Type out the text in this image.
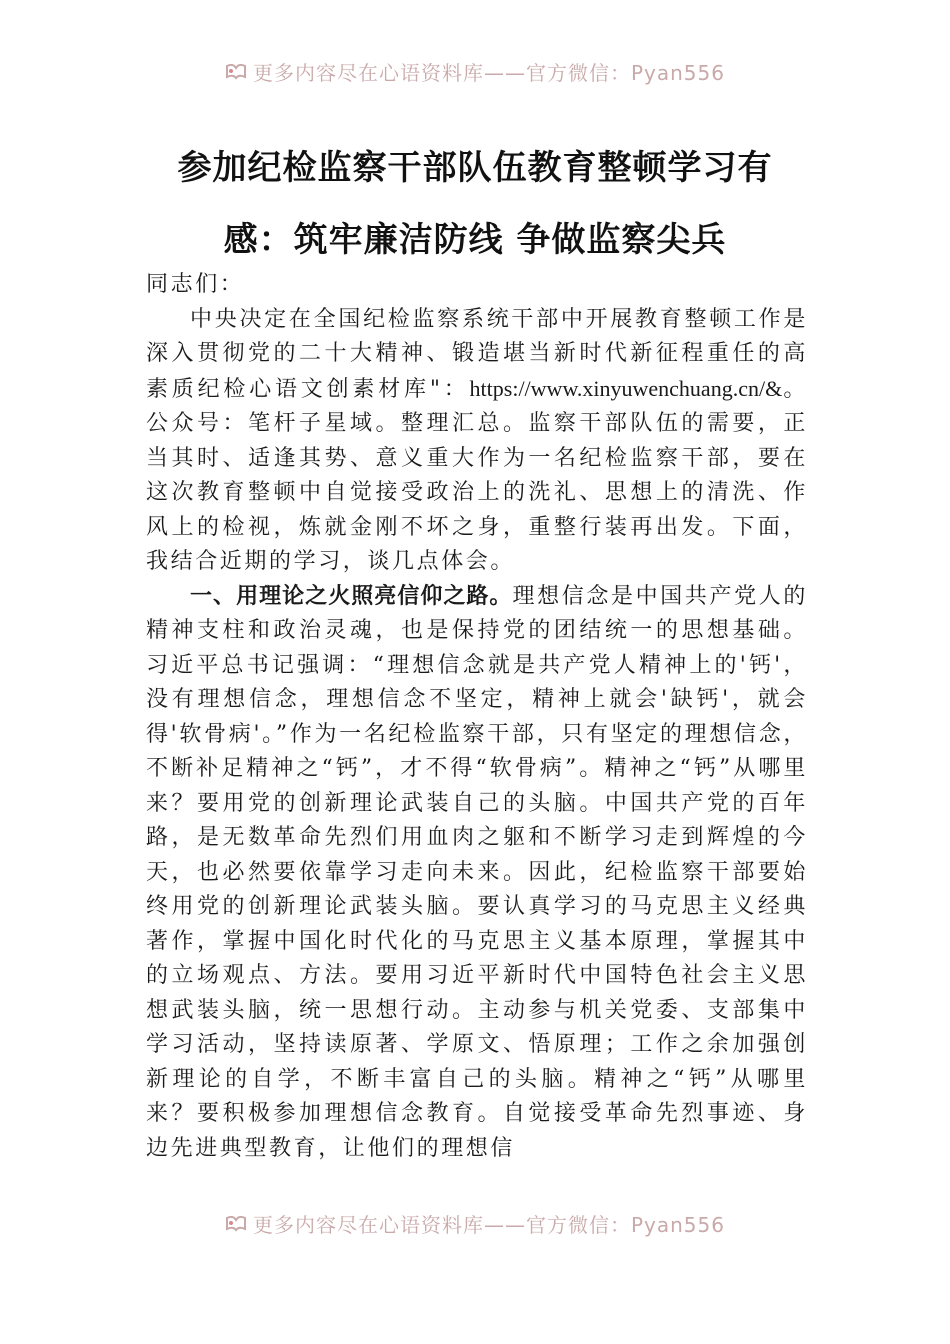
更多内容尽在心语资料库——官方微信：Pyan556
参加纪检监察干部队伍教育整顿学习有
感：筑牢廉洁防线 争做监察尖兵

同志们：

中央决定在全国纪检监察系统干部中开展教育整顿工作是深入贯彻党的二十大精神、锻造堪当新时代新征程重任的高素质纪检心语文创素材库"：https://www.xinyuwenchuang.cn/&。公众号：笔杆子星域。整理汇总。监察干部队伍的需要，正当其时、适逢其势、意义重大作为一名纪检监察干部，要在这次教育整顿中自觉接受政治上的洗礼、思想上的清洗、作风上的检视，炼就金刚不坏之身，重整行装再出发。下面，我结合近期的学习，谈几点体会。

一、用理论之火照亮信仰之路。理想信念是中国共产党人的精神支柱和政治灵魂，也是保持党的团结统一的思想基础。习近平总书记强调：“理想信念就是共产党人精神上的'钙'，没有理想信念，理想信念不坚定，精神上就会'缺钙'，就会得'软骨病'。”作为一名纪检监察干部，只有坚定的理想信念，不断补足精神之“钙”，才不得“软骨病”。精神之“钙”从哪里来？要用党的创新理论武装自己的头脑。中国共产党的百年路，是无数革命先烈们用血肉之躯和不断学习走到辉煌的今天，也必然要依靠学习走向未来。因此，纪检监察干部要始终用党的创新理论武装头脑。要认真学习的马克思主义经典著作，掌握中国化时代化的马克思主义基本原理，掌握其中的立场观点、方法。要用习近平新时代中国特色社会主义思想武装头脑，统一思想行动。主动参与机关党委、支部集中学习活动，坚持读原著、学原文、悟原理；工作之余加强创新理论的自学，不断丰富自己的头脑。精神之“钙”从哪里来？要积极参加理想信念教育。自觉接受革命先烈事迹、身边先进典型教育，让他们的理想信

更多内容尽在心语资料库——官方微信：Pyan556
